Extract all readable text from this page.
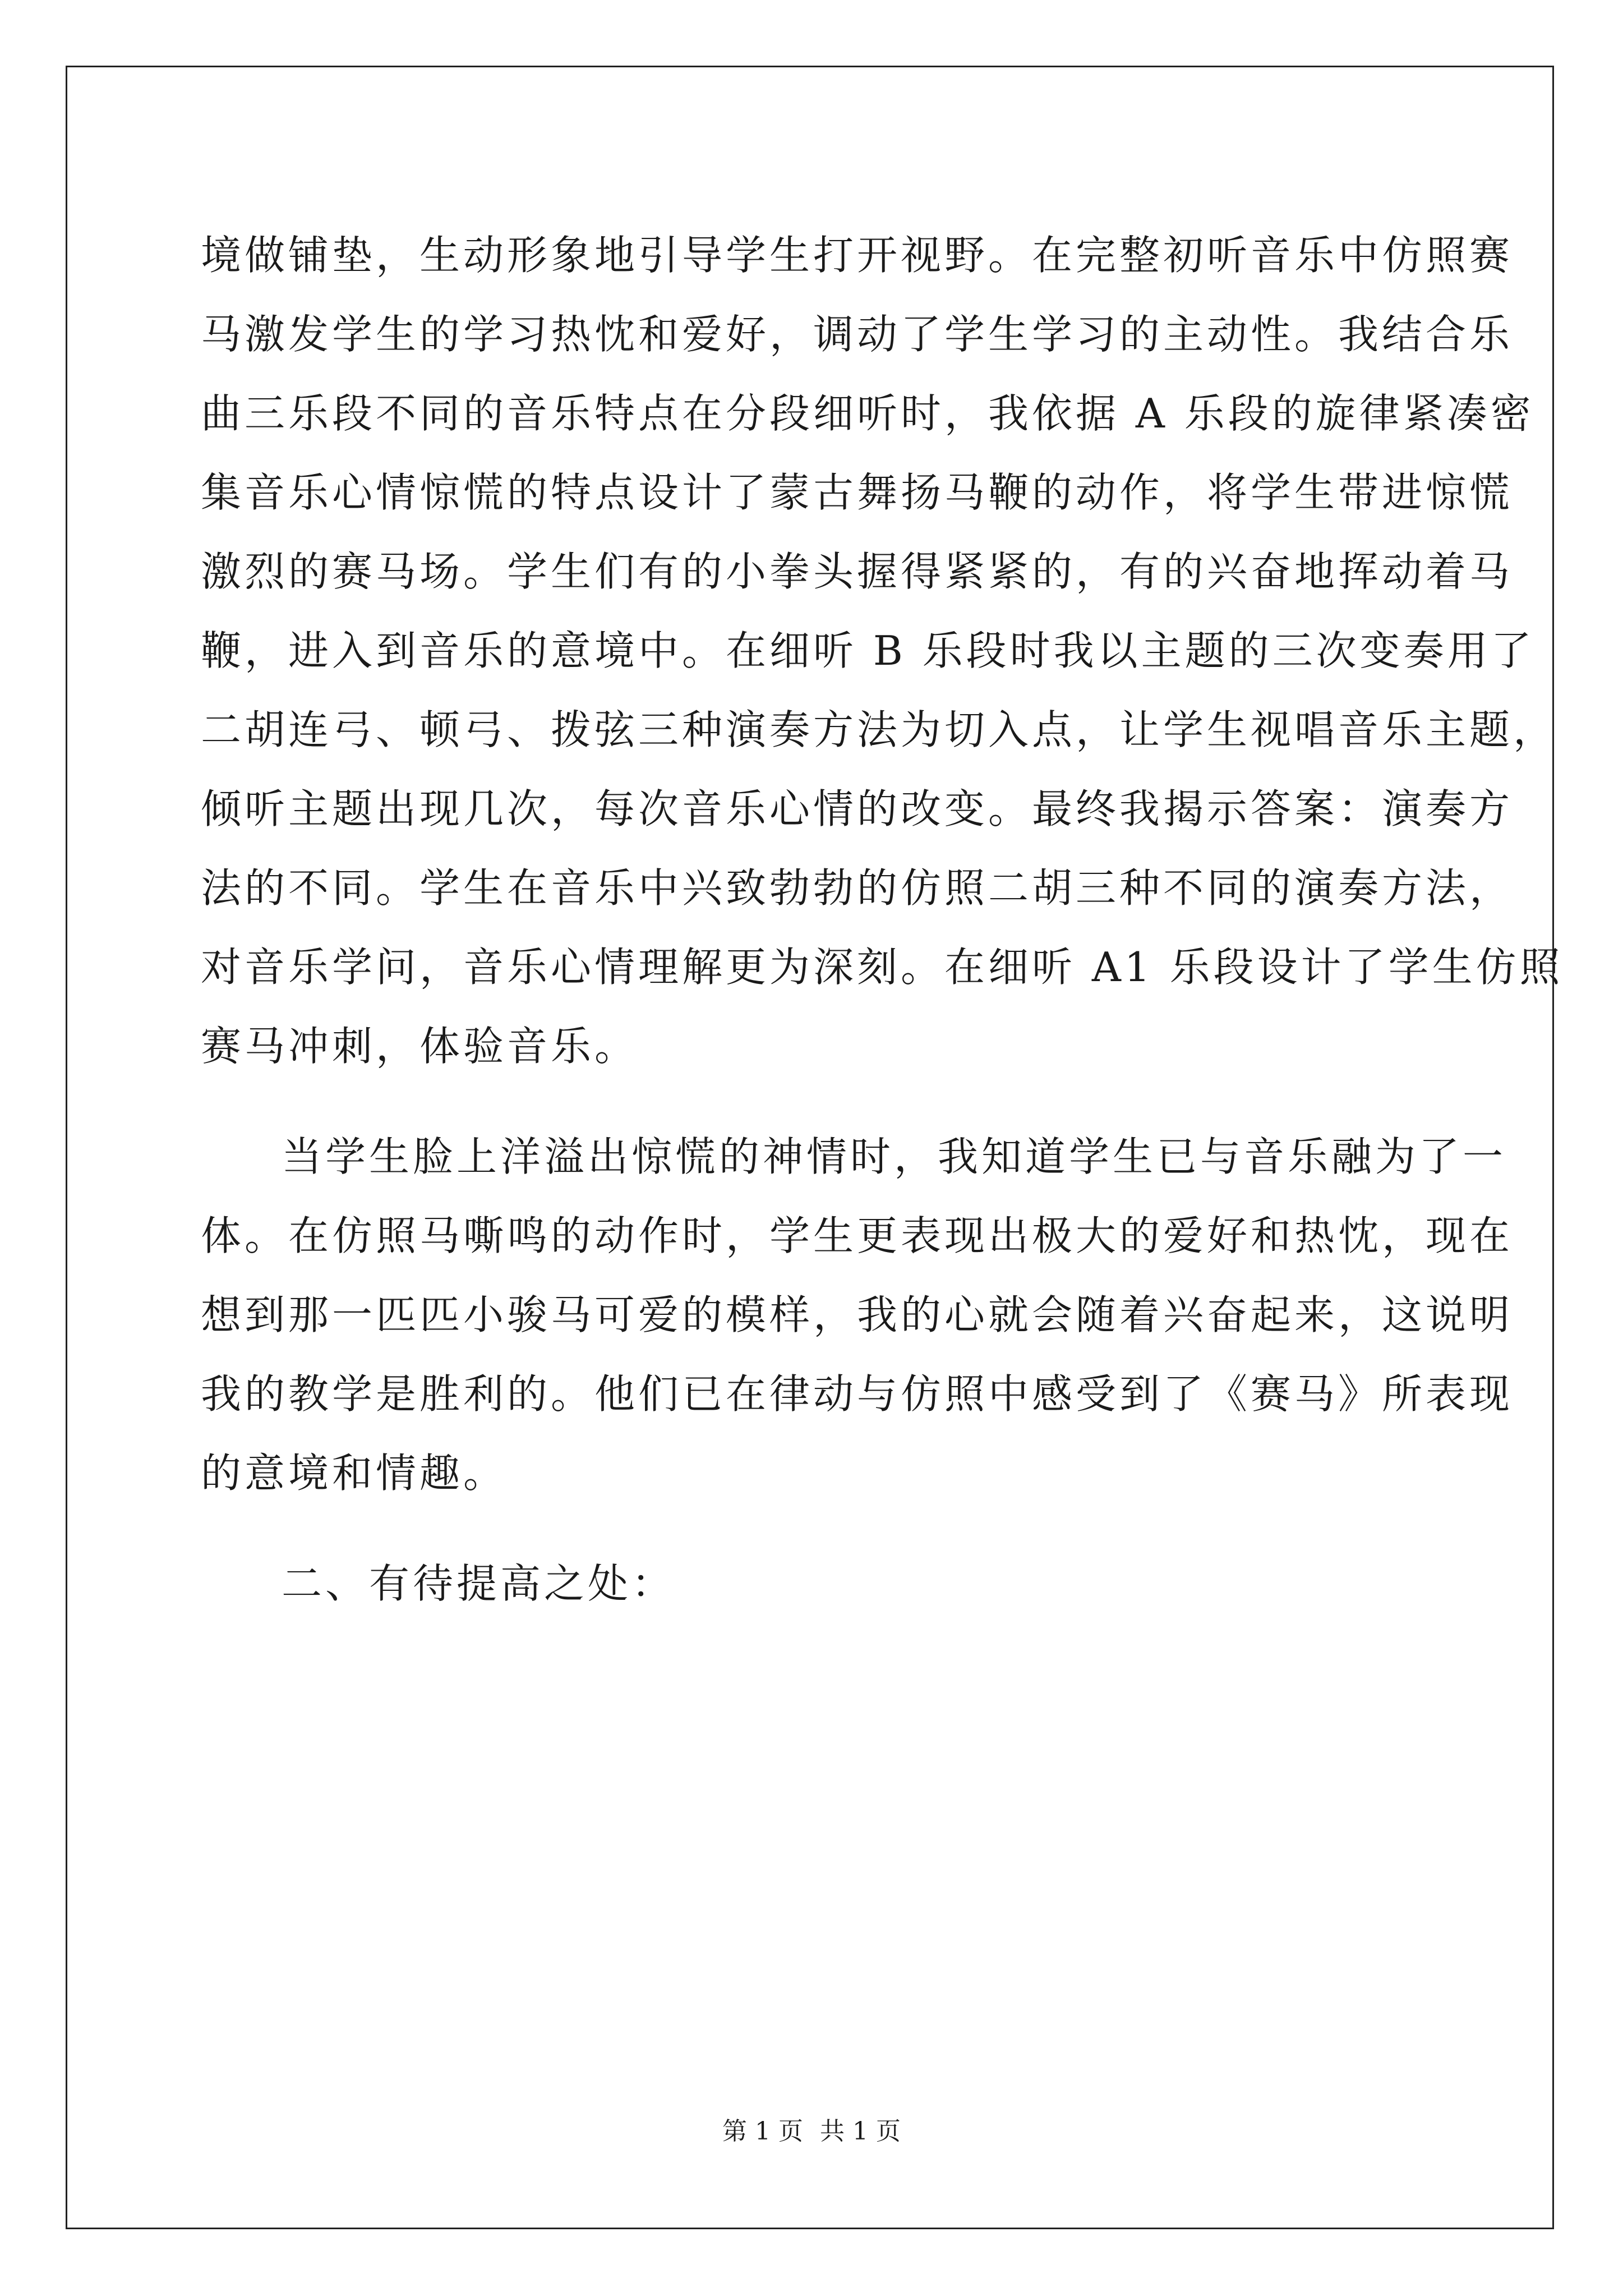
境做铺垫，生动形象地引导学生打开视野。在完整初听音乐中仿照赛
马激发学生的学习热忱和爱好，调动了学生学习的主动性。我结合乐
曲三乐段不同的音乐特点在分段细听时，我依据 A 乐段的旋律紧凑密
集音乐心情惊慌的特点设计了蒙古舞扬马鞭的动作，将学生带进惊慌
激烈的赛马场。学生们有的小拳头握得紧紧的，有的兴奋地挥动着马
鞭，进入到音乐的意境中。在细听 B 乐段时我以主题的三次变奏用了
二胡连弓、顿弓、拨弦三种演奏方法为切入点，让学生视唱音乐主题，
倾听主题出现几次，每次音乐心情的改变。最终我揭示答案：演奏方
法的不同。学生在音乐中兴致勃勃的仿照二胡三种不同的演奏方法，
对音乐学问，音乐心情理解更为深刻。在细听 A1 乐段设计了学生仿照
赛马冲刺，体验音乐。
当学生脸上洋溢出惊慌的神情时，我知道学生已与音乐融为了一
体。在仿照马嘶鸣的动作时，学生更表现出极大的爱好和热忱，现在
想到那一匹匹小骏马可爱的模样，我的心就会随着兴奋起来，这说明
我的教学是胜利的。他们已在律动与仿照中感受到了《赛马》所表现
的意境和情趣。
二、有待提高之处：
第 1 页 共 1 页
